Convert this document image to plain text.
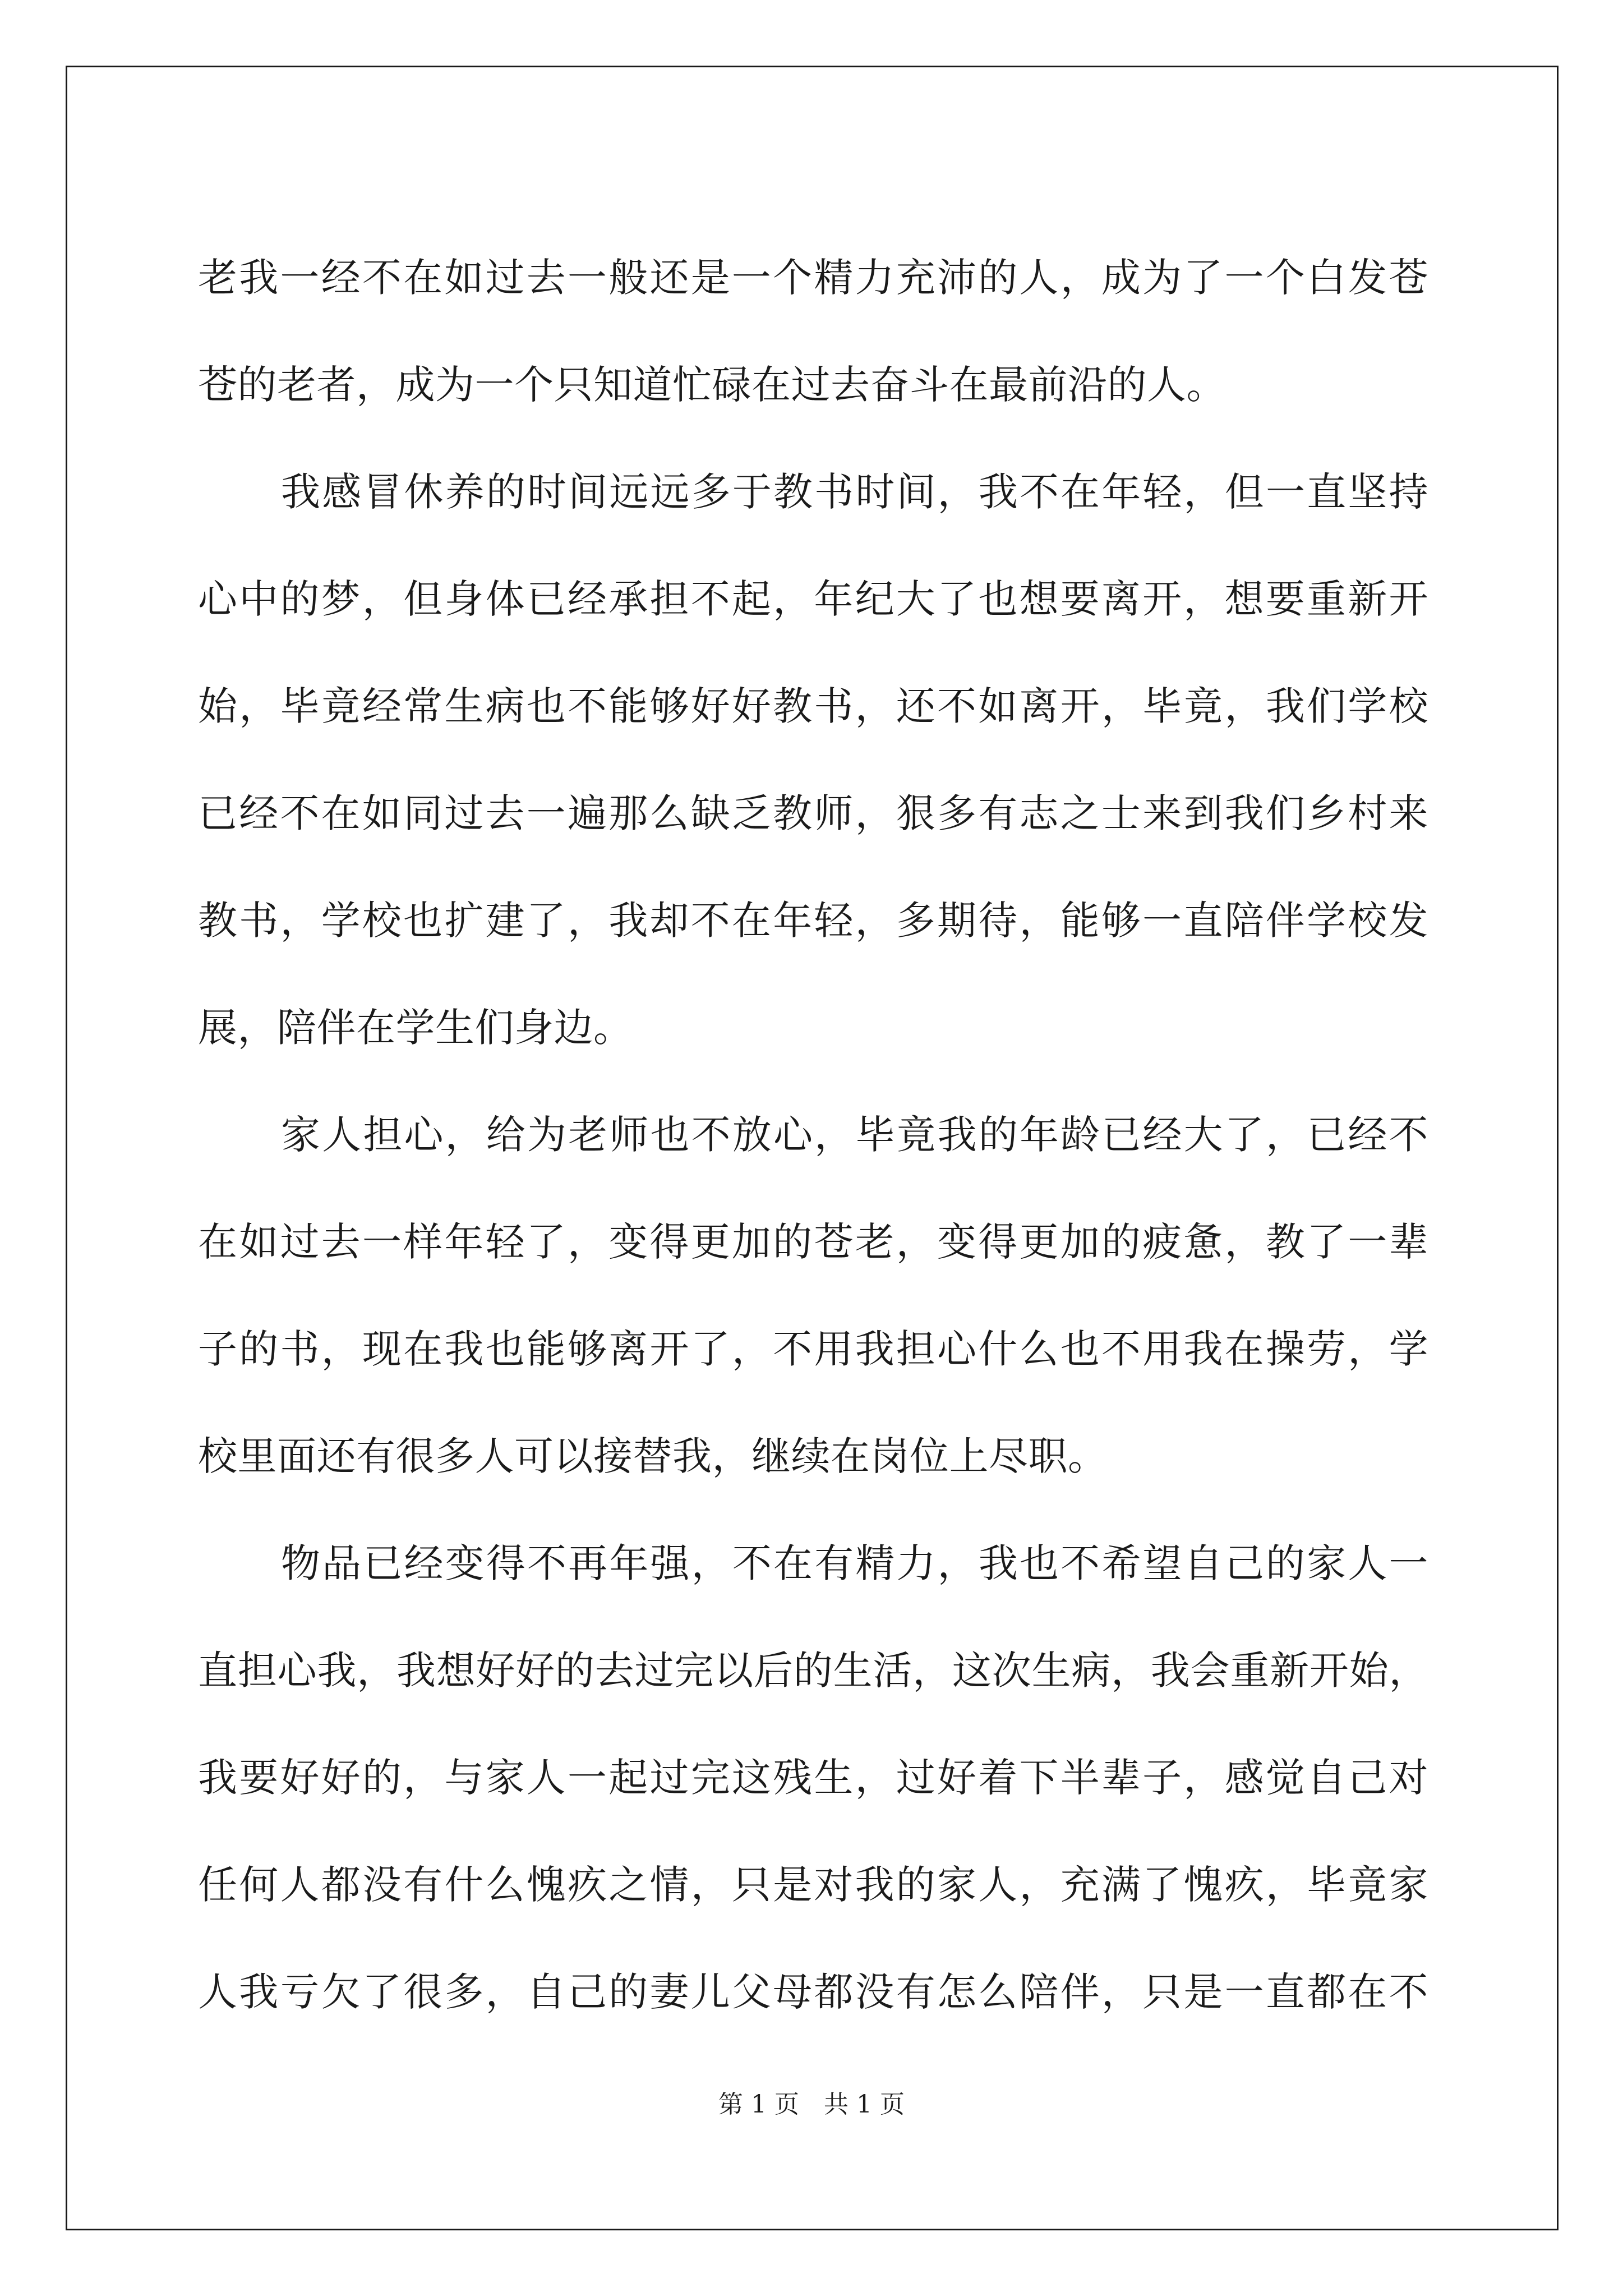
老我一经不在如过去一般还是一个精力充沛的人，成为了一个白发苍
苍的老者，成为一个只知道忙碌在过去奋斗在最前沿的人。
我感冒休养的时间远远多于教书时间，我不在年轻，但一直坚持
心中的梦，但身体已经承担不起，年纪大了也想要离开，想要重新开
始，毕竟经常生病也不能够好好教书，还不如离开，毕竟，我们学校
已经不在如同过去一遍那么缺乏教师，狠多有志之士来到我们乡村来
教书，学校也扩建了，我却不在年轻，多期待，能够一直陪伴学校发
展，陪伴在学生们身边。
家人担心，给为老师也不放心，毕竟我的年龄已经大了，已经不
在如过去一样年轻了，变得更加的苍老，变得更加的疲惫，教了一辈
子的书，现在我也能够离开了，不用我担心什么也不用我在操劳，学
校里面还有很多人可以接替我，继续在岗位上尽职。
物品已经变得不再年强，不在有精力，我也不希望自己的家人一
直担心我，我想好好的去过完以后的生活，这次生病，我会重新开始，
我要好好的，与家人一起过完这残生，过好着下半辈子，感觉自己对
任何人都没有什么愧疚之情，只是对我的家人，充满了愧疚，毕竟家
人我亏欠了很多，自己的妻儿父母都没有怎么陪伴，只是一直都在不
第 1 页　共 1 页
